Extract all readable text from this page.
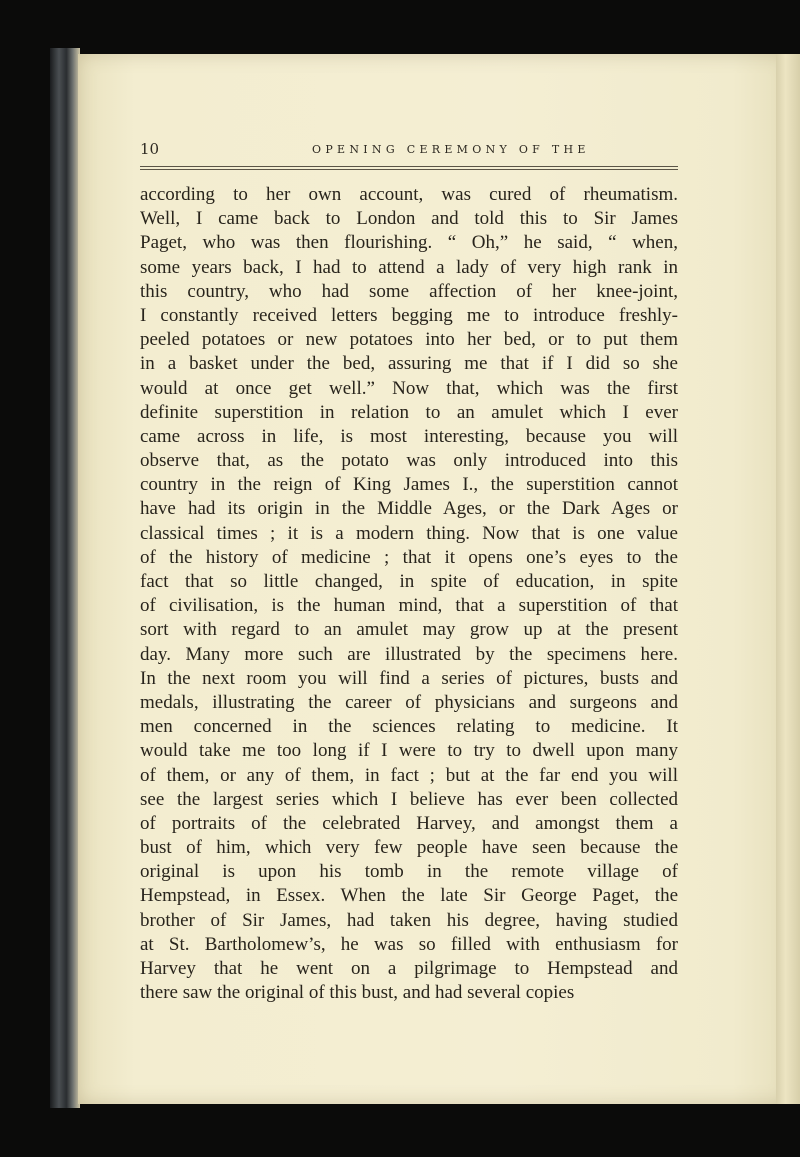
10	OPENING CEREMONY OF THE
according to her own account, was cured of rheumatism.
Well, I came back to London and told this to Sir James
Paget, who was then flourishing. “ Oh,” he said, “ when,
some years back, I had to attend a lady of very high rank in
this country, who had some affection of her knee-joint,
I constantly received letters begging me to introduce freshly-
peeled potatoes or new potatoes into her bed, or to put them
in a basket under the bed, assuring me that if I did so she
would at once get well.” Now that, which was the first
definite superstition in relation to an amulet which I ever
came across in life, is most interesting, because you will
observe that, as the potato was only introduced into this
country in the reign of King James I., the superstition cannot
have had its origin in the Middle Ages, or the Dark Ages or
classical times ; it is a modern thing. Now that is one value
of the history of medicine ; that it opens one’s eyes to the
fact that so little changed, in spite of education, in spite
of civilisation, is the human mind, that a superstition of that
sort with regard to an amulet may grow up at the present
day. Many more such are illustrated by the specimens here.
In the next room you will find a series of pictures, busts and
medals, illustrating the career of physicians and surgeons and
men concerned in the sciences relating to medicine. It
would take me too long if I were to try to dwell upon many
of them, or any of them, in fact ; but at the far end you will
see the largest series which I believe has ever been collected
of portraits of the celebrated Harvey, and amongst them a
bust of him, which very few people have seen because the
original is upon his tomb in the remote village of
Hempstead, in Essex. When the late Sir George Paget, the
brother of Sir James, had taken his degree, having studied
at St. Bartholomew’s, he was so filled with enthusiasm for
Harvey that he went on a pilgrimage to Hempstead and
there saw the original of this bust, and had several copies
